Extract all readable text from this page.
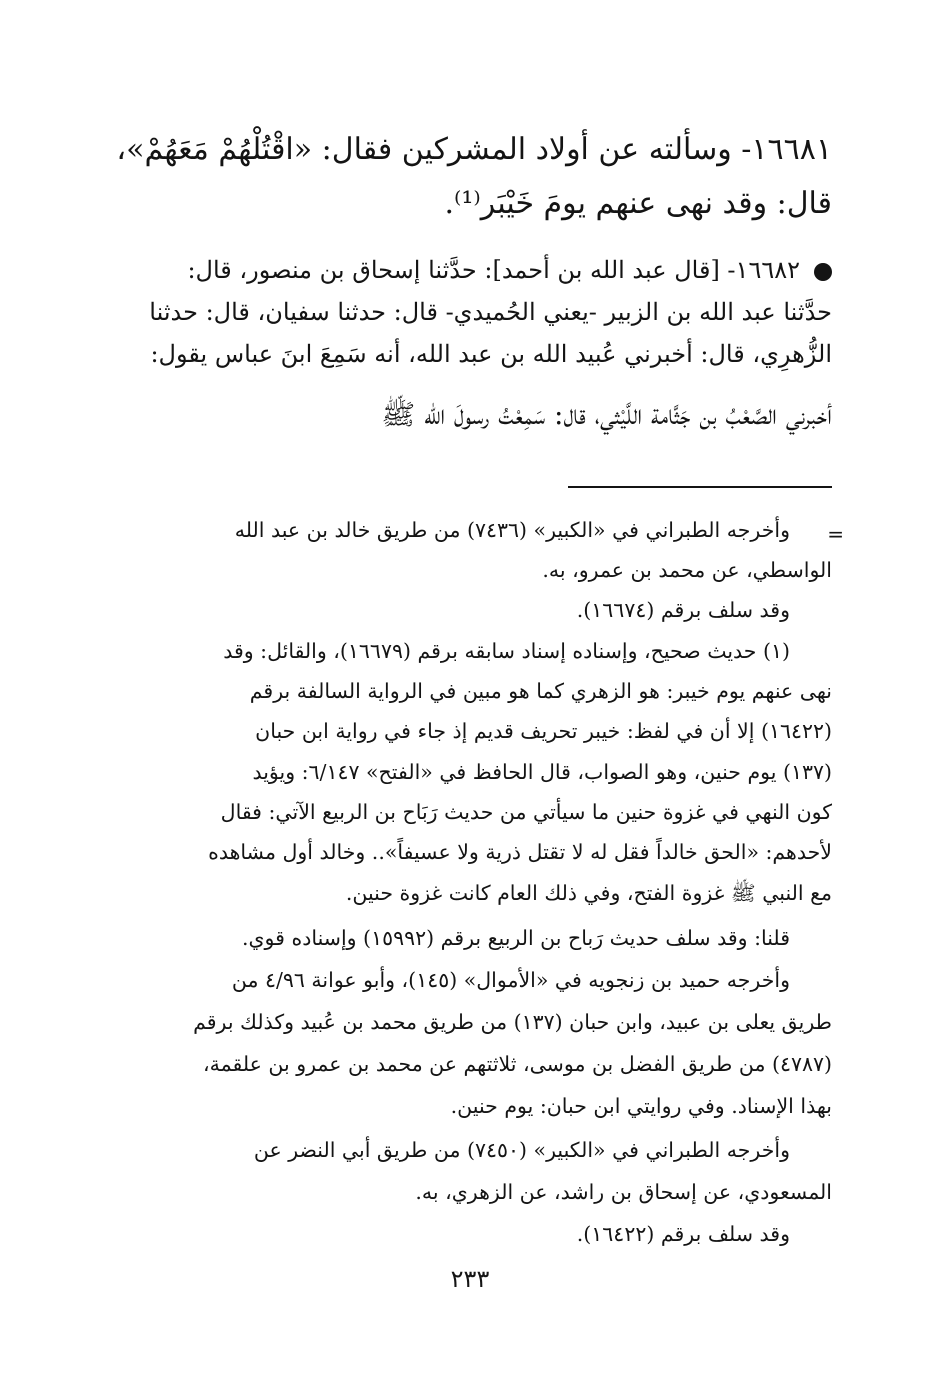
١٦٦٨١- وسألته عن أولاد المشركين فقال: «اقْتُلْهُمْ مَعَهُمْ»،
قال: وقد نهى عنهم يومَ خَيْبَر⁽¹⁾.
١٦٦٨٢- [قال عبد الله بن أحمد]: حدَّثنا إسحاق بن منصور، قال:
حدَّثنا عبد الله بن الزبير -يعني الحُميدي- قال: حدثنا سفيان، قال: حدثنا
الزُّهرِي، قال: أخبرني عُبيد الله بن عبد الله، أنه سَمِعَ ابنَ عباس يقول:
أخبرني الصَّعْبُ بن جَثَّامة اللَّيْثي، قال: سَمِعْتُ رسولَ الله ﷺ
=
وأخرجه الطبراني في «الكبير» (٧٤٣٦) من طريق خالد بن عبد الله
الواسطي، عن محمد بن عمرو، به.
وقد سلف برقم (١٦٦٧٤).
(١) حديث صحيح، وإسناده إسناد سابقه برقم (١٦٦٧٩)، والقائل: وقد
نهى عنهم يوم خيبر: هو الزهري كما هو مبين في الرواية السالفة برقم
(١٦٤٢٢) إلا أن في لفظ: خيبر تحريف قديم إذ جاء في رواية ابن حبان
(١٣٧) يوم حنين، وهو الصواب، قال الحافظ في «الفتح» ٦/١٤٧: ويؤيد
كون النهي في غزوة حنين ما سيأتي من حديث رَبَاح بن الربيع الآتي: فقال
لأحدهم: «الحق خالداً فقل له لا تقتل ذرية ولا عسيفاً».. وخالد أول مشاهده
مع النبي ﷺ غزوة الفتح، وفي ذلك العام كانت غزوة حنين.
قلنا: وقد سلف حديث رَباح بن الربيع برقم (١٥٩٩٢) وإسناده قوي.
وأخرجه حميد بن زنجويه في «الأموال» (١٤٥)، وأبو عوانة ٤/٩٦ من
طريق يعلى بن عبيد، وابن حبان (١٣٧) من طريق محمد بن عُبيد وكذلك برقم
(٤٧٨٧) من طريق الفضل بن موسى، ثلاثتهم عن محمد بن عمرو بن علقمة،
بهذا الإسناد. وفي روايتي ابن حبان: يوم حنين.
وأخرجه الطبراني في «الكبير» (٧٤٥٠) من طريق أبي النضر عن
المسعودي، عن إسحاق بن راشد، عن الزهري، به.
وقد سلف برقم (١٦٤٢٢).
٢٣٣
